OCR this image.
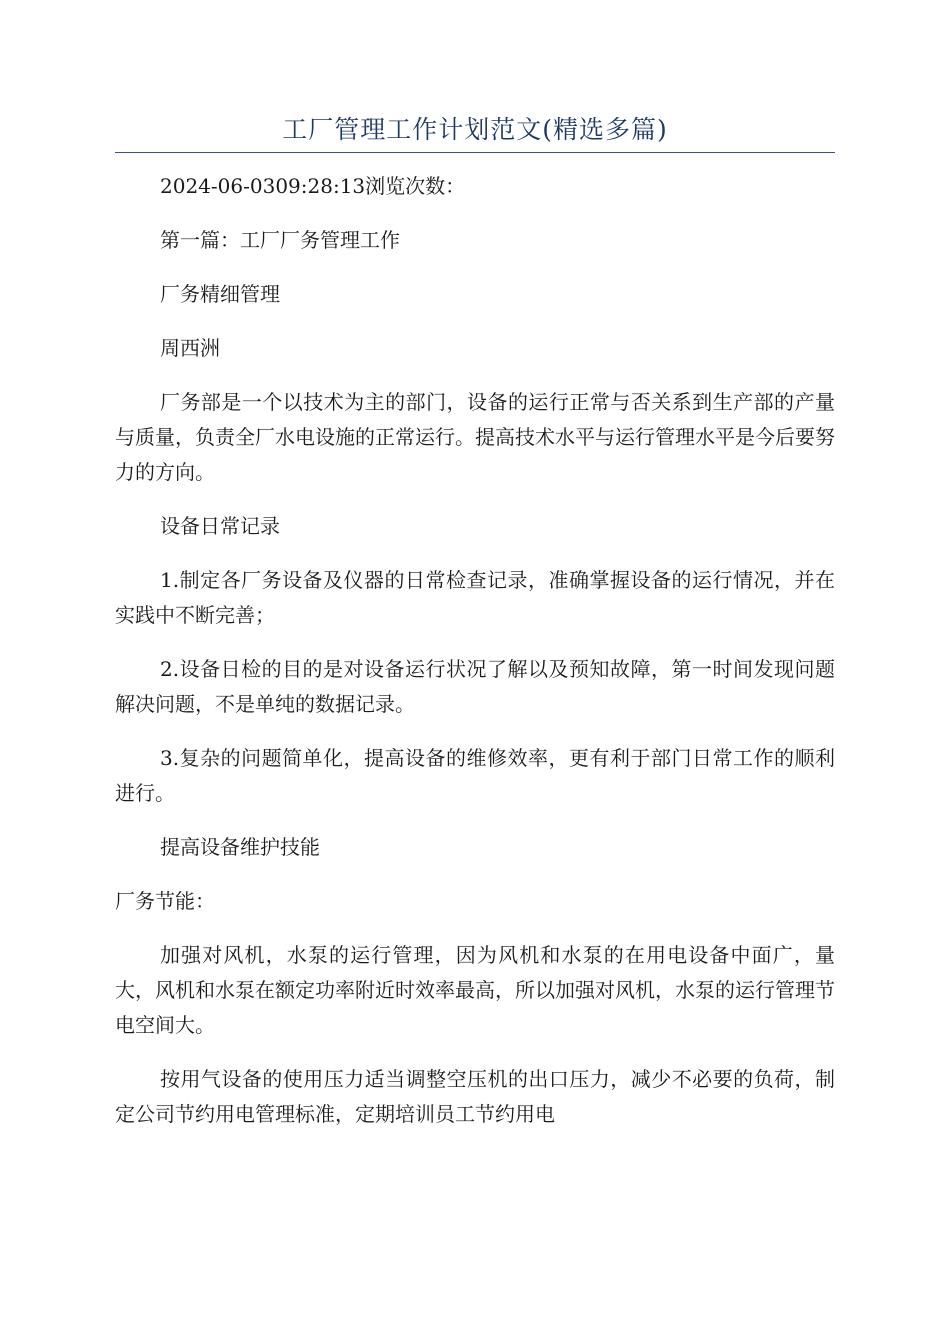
工厂管理工作计划范文(精选多篇)
2024-06-0309:28:13浏览次数：
第一篇：工厂厂务管理工作
厂务精细管理
周西洲
厂务部是一个以技术为主的部门，设备的运行正常与否关系到生产部的产量与质量，负责全厂水电设施的正常运行。提高技术水平与运行管理水平是今后要努力的方向。
设备日常记录
1.制定各厂务设备及仪器的日常检查记录，准确掌握设备的运行情况，并在实践中不断完善；
2.设备日检的目的是对设备运行状况了解以及预知故障，第一时间发现问题解决问题，不是单纯的数据记录。
3.复杂的问题简单化，提高设备的维修效率，更有利于部门日常工作的顺利进行。
提高设备维护技能
厂务节能：
加强对风机，水泵的运行管理，因为风机和水泵的在用电设备中面广，量大，风机和水泵在额定功率附近时效率最高，所以加强对风机，水泵的运行管理节电空间大。
按用气设备的使用压力适当调整空压机的出口压力，减少不必要的负荷，制定公司节约用电管理标准，定期培训员工节约用电
